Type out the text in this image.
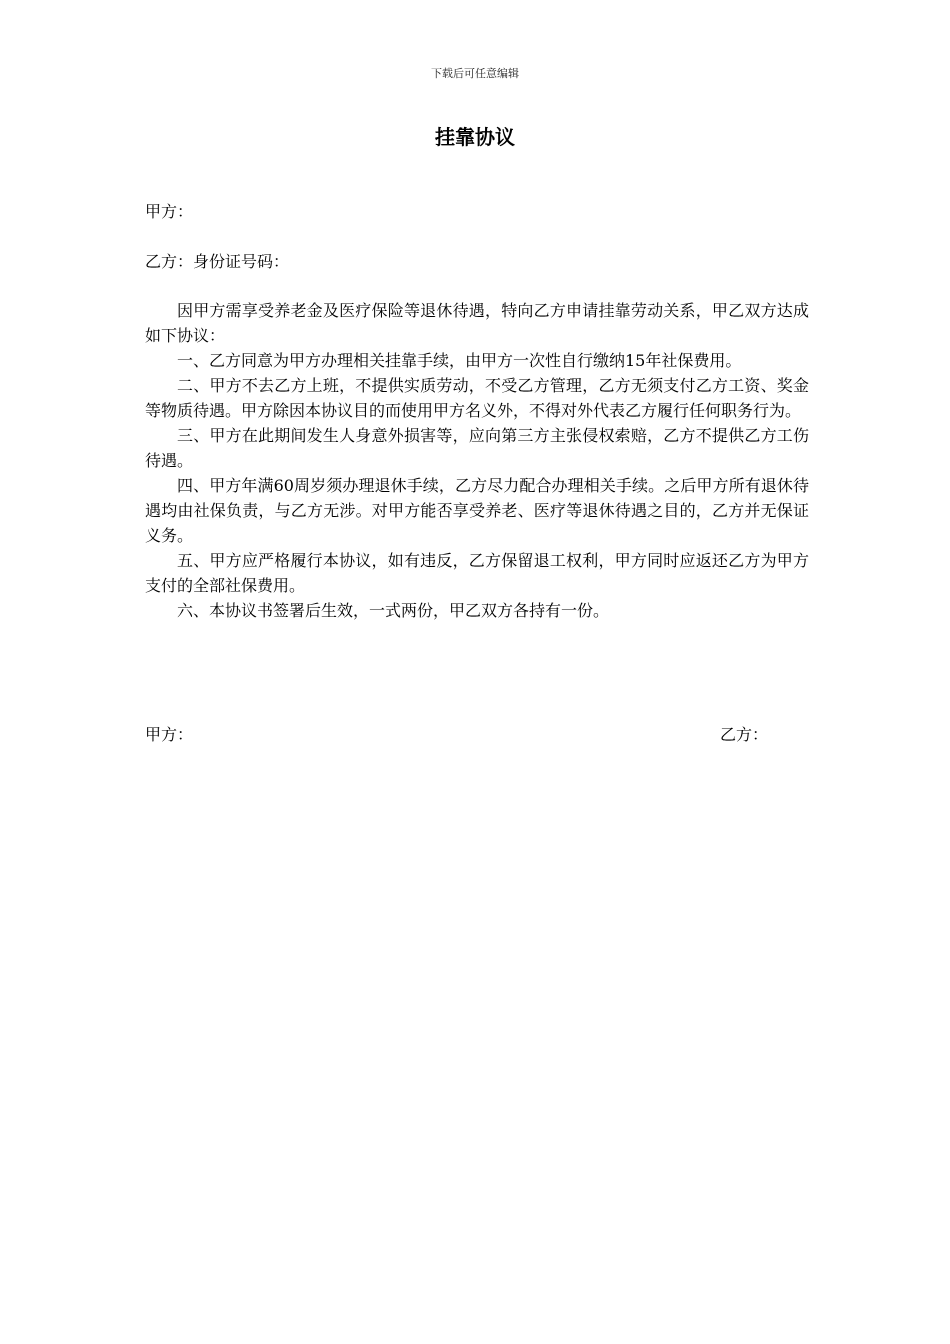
下载后可任意编辑
挂靠协议
甲方：
乙方：身份证号码：

因甲方需享受养老金及医疗保险等退休待遇，特向乙方申请挂靠劳动关系，甲乙双方达成如下协议：

一、乙方同意为甲方办理相关挂靠手续，由甲方一次性自行缴纳15年社保费用。

二、甲方不去乙方上班，不提供实质劳动，不受乙方管理，乙方无须支付乙方工资、奖金等物质待遇。甲方除因本协议目的而使用甲方名义外，不得对外代表乙方履行任何职务行为。

三、甲方在此期间发生人身意外损害等，应向第三方主张侵权索赔，乙方不提供乙方工伤待遇。

四、甲方年满60周岁须办理退休手续，乙方尽力配合办理相关手续。之后甲方所有退休待遇均由社保负责，与乙方无涉。对甲方能否享受养老、医疗等退休待遇之目的，乙方并无保证义务。

五、甲方应严格履行本协议，如有违反，乙方保留退工权利，甲方同时应返还乙方为甲方支付的全部社保费用。

六、本协议书签署后生效，一式两份，甲乙双方各持有一份。

甲方：	乙方：
